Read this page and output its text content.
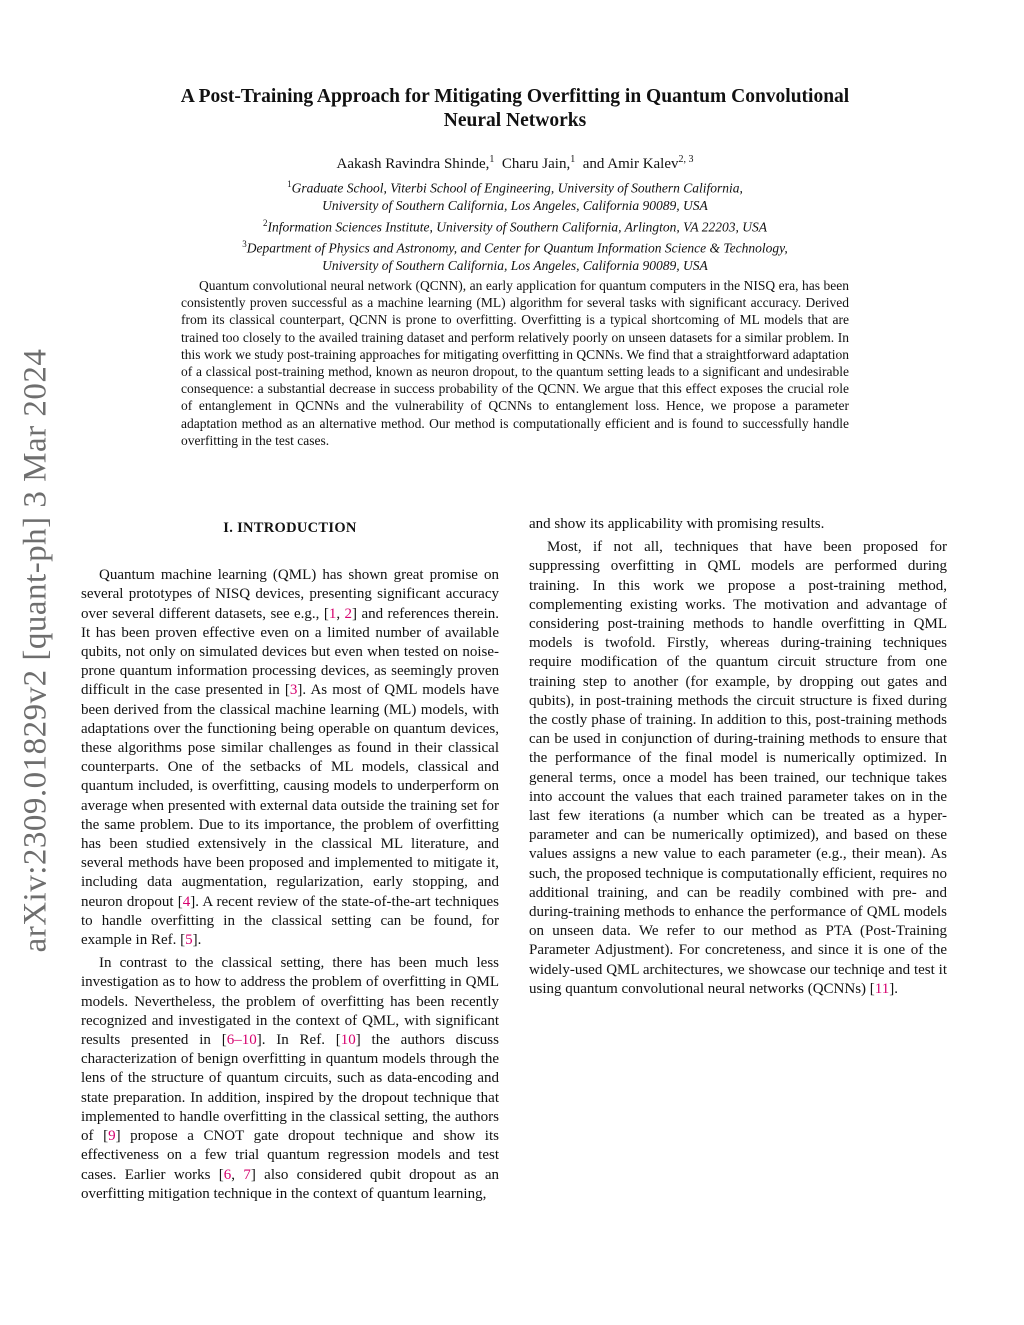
arXiv:2309.01829v2 [quant-ph] 3 Mar 2024
A Post-Training Approach for Mitigating Overfitting in Quantum Convolutional
Neural Networks
Aakash Ravindra Shinde,$^1$ Charu Jain,$^1$ and Amir Kalev$^{2, 3}$
$^1$Graduate School, Viterbi School of Engineering, University of Southern California,
University of Southern California, Los Angeles, California 90089, USA
$^2$Information Sciences Institute, University of Southern California, Arlington, VA 22203, USA
$^3$Department of Physics and Astronomy, and Center for Quantum Information Science & Technology,
University of Southern California, Los Angeles, California 90089, USA
Quantum convolutional neural network (QCNN), an early application for quantum computers in the NISQ era, has been consistently proven successful as a machine learning (ML) algorithm for several tasks with significant accuracy. Derived from its classical counterpart, QCNN is prone to overfitting. Overfitting is a typical shortcoming of ML models that are trained too closely to the availed training dataset and perform relatively poorly on unseen datasets for a similar problem. In this work we study post-training approaches for mitigating overfitting in QCNNs. We find that a straightforward adaptation of a classical post-training method, known as neuron dropout, to the quantum setting leads to a significant and undesirable consequence: a substantial decrease in success probability of the QCNN. We argue that this effect exposes the crucial role of entanglement in QCNNs and the vulnerability of QCNNs to entanglement loss. Hence, we propose a parameter adaptation method as an alternative method. Our method is computationally efficient and is found to successfully handle overfitting in the test cases.
I. INTRODUCTION

Quantum machine learning (QML) has shown great promise on several prototypes of NISQ devices, presenting significant accuracy over several different datasets, see e.g., [1, 2] and references therein. It has been proven effective even on a limited number of available qubits, not only on simulated devices but even when tested on noise-prone quantum information processing devices, as seemingly proven difficult in the case presented in [3]. As most of QML models have been derived from the classical machine learning (ML) models, with adaptations over the functioning being operable on quantum devices, these algorithms pose similar challenges as found in their classical counterparts. One of the setbacks of ML models, classical and quantum included, is overfitting, causing models to underperform on average when presented with external data outside the training set for the same problem. Due to its importance, the problem of overfitting has been studied extensively in the classical ML literature, and several methods have been proposed and implemented to mitigate it, including data augmentation, regularization, early stopping, and neuron dropout [4]. A recent review of the state-of-the-art techniques to handle overfitting in the classical setting can be found, for example in Ref. [5].

In contrast to the classical setting, there has been much less investigation as to how to address the problem of overfitting in QML models. Nevertheless, the problem of overfitting has been recently recognized and investigated in the context of QML, with significant results presented in [6–10]. In Ref. [10] the authors discuss characterization of benign overfitting in quantum models through the lens of the structure of quantum circuits, such as data-encoding and state preparation. In addition, inspired by the dropout technique that implemented to handle overfitting in the classical setting, the authors of [9] propose a CNOT gate dropout technique and show its effectiveness on a few trial quantum regression models and test cases. Earlier works [6, 7] also considered qubit dropout as an overfitting mitigation technique in the context of quantum learning,

and show its applicability with promising results.

Most, if not all, techniques that have been proposed for suppressing overfitting in QML models are performed during training. In this work we propose a post-training method, complementing existing works. The motivation and advantage of considering post-training methods to handle overfitting in QML models is twofold. Firstly, whereas during-training techniques require modification of the quantum circuit structure from one training step to another (for example, by dropping out gates and qubits), in post-training methods the circuit structure is fixed during the costly phase of training. In addition to this, post-training methods can be used in conjunction of during-training methods to ensure that the performance of the final model is numerically optimized. In general terms, once a model has been trained, our technique takes into account the values that each trained parameter takes on in the last few iterations (a number which can be treated as a hyper-parameter and can be numerically optimized), and based on these values assigns a new value to each parameter (e.g., their mean). As such, the proposed technique is computationally efficient, requires no additional training, and can be readily combined with pre- and during-training methods to enhance the performance of QML models on unseen data. We refer to our method as PTA (Post-Training Parameter Adjustment). For concreteness, and since it is one of the widely-used QML architectures, we showcase our techniqe and test it using quantum convolutional neural networks (QCNNs) [11].
